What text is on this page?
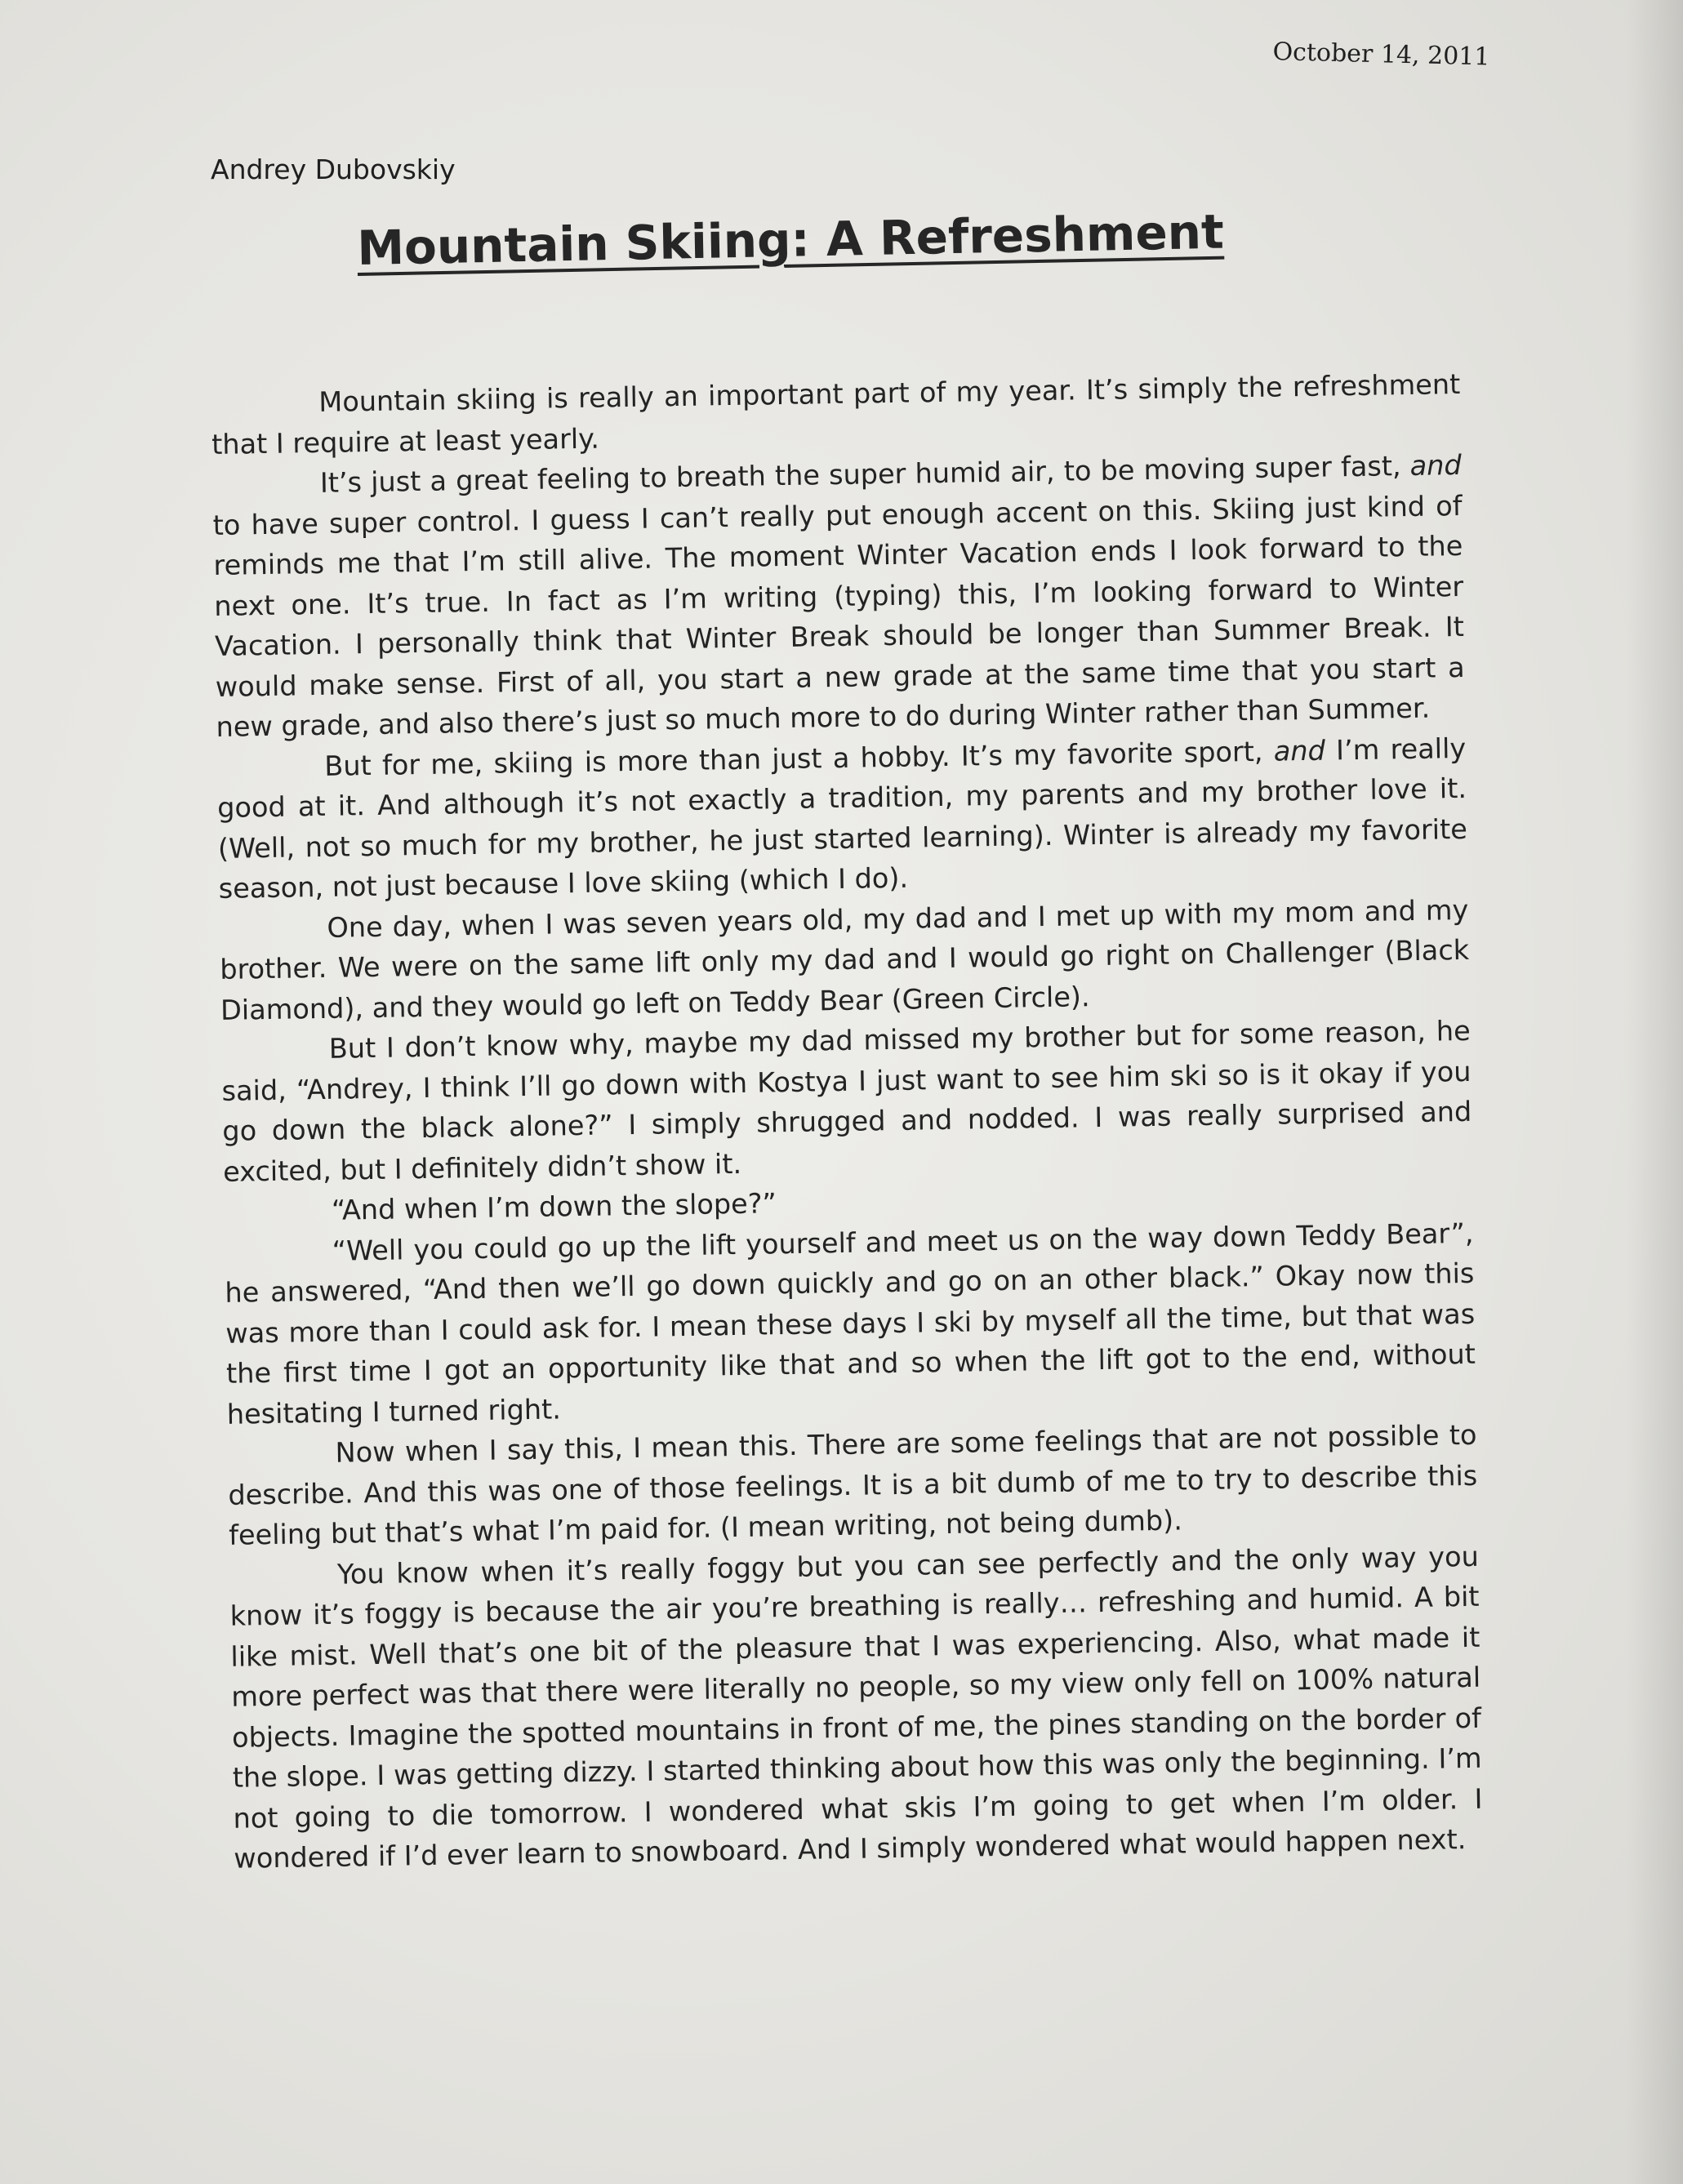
October 14, 2011
Andrey Dubovskiy
Mountain Skiing: A Refreshment

Mountain skiing is really an important part of my year. It’s simply the refreshment that I require at least yearly.

It’s just a great feeling to breath the super humid air, to be moving super fast, and to have super control. I guess I can’t really put enough accent on this. Skiing just kind of reminds me that I’m still alive. The moment Winter Vacation ends I look forward to the next one. It’s true. In fact as I’m writing (typing) this, I’m looking forward to Winter Vacation. I personally think that Winter Break should be longer than Summer Break. It would make sense. First of all, you start a new grade at the same time that you start a new grade, and also there’s just so much more to do during Winter rather than Summer.

But for me, skiing is more than just a hobby. It’s my favorite sport, and I’m really good at it. And although it’s not exactly a tradition, my parents and my brother love it. (Well, not so much for my brother, he just started learning). Winter is already my favorite season, not just because I love skiing (which I do).

One day, when I was seven years old, my dad and I met up with my mom and my brother. We were on the same lift only my dad and I would go right on Challenger (Black Diamond), and they would go left on Teddy Bear (Green Circle).

But I don’t know why, maybe my dad missed my brother but for some reason, he said, “Andrey, I think I’ll go down with Kostya I just want to see him ski so is it okay if you go down the black alone?” I simply shrugged and nodded. I was really surprised and excited, but I definitely didn’t show it.

“And when I’m down the slope?”

“Well you could go up the lift yourself and meet us on the way down Teddy Bear”, he answered, “And then we’ll go down quickly and go on an other black.” Okay now this was more than I could ask for. I mean these days I ski by myself all the time, but that was the first time I got an opportunity like that and so when the lift got to the end, without hesitating I turned right.

Now when I say this, I mean this. There are some feelings that are not possible to describe. And this was one of those feelings. It is a bit dumb of me to try to describe this feeling but that’s what I’m paid for. (I mean writing, not being dumb).

You know when it’s really foggy but you can see perfectly and the only way you know it’s foggy is because the air you’re breathing is really… refreshing and humid. A bit like mist. Well that’s one bit of the pleasure that I was experiencing. Also, what made it more perfect was that there were literally no people, so my view only fell on 100% natural objects. Imagine the spotted mountains in front of me, the pines standing on the border of the slope. I was getting dizzy. I started thinking about how this was only the beginning. I’m not going to die tomorrow. I wondered what skis I’m going to get when I’m older. I wondered if I’d ever learn to snowboard. And I simply wondered what would happen next.
